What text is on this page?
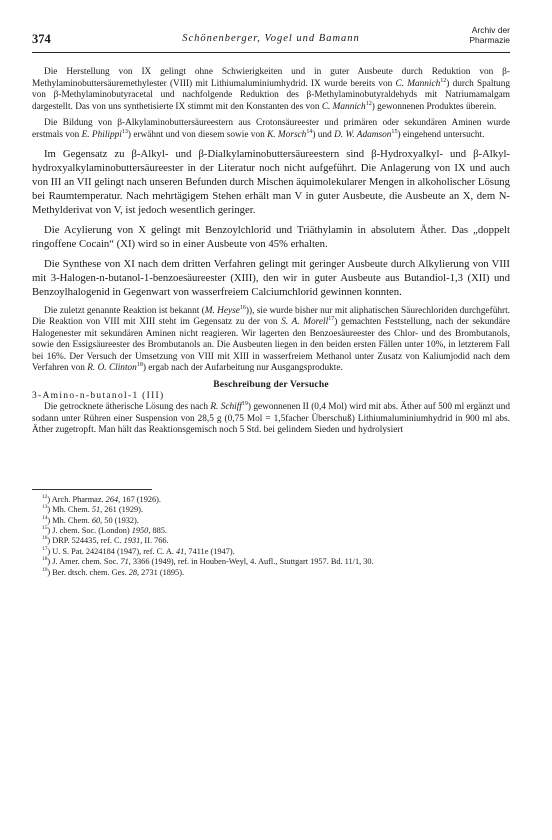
374	Schönenberger, Vogel und Bamann
Archiv der
Pharmazie

Die Herstellung von IX gelingt ohne Schwierigkeiten und in guter Ausbeute durch Reduktion von β-Methylaminobuttersäuremethylester (VIII) mit Lithiumaluminiumhydrid. IX wurde bereits von C. Mannich$^{12}$) durch Spaltung von β-Methylaminobutyracetal und nachfolgende Reduktion des β-Methylaminobutyraldehyds mit Natriumamalgam dargestellt. Das von uns synthetisierte IX stimmt mit den Konstanten des von C. Mannich$^{12}$) gewonnenen Produktes überein.

Die Bildung von β-Alkylaminobuttersäureestern aus Crotonsäureester und primären oder sekundären Aminen wurde erstmals von E. Philippi$^{13}$) erwähnt und von diesem sowie von K. Morsch$^{14}$) und D. W. Adamson$^{15}$) eingehend untersucht.

Im Gegensatz zu β-Alkyl- und β-Dialkylaminobuttersäureestern sind β-Hydroxyalkyl- und β-Alkyl-hydroxyalkylaminobuttersäureester in der Literatur noch nicht aufgeführt. Die Anlagerung von IX und auch von III an VII gelingt nach unseren Befunden durch Mischen äquimolekularer Mengen in alkoholischer Lösung bei Raumtemperatur. Nach mehrtägigem Stehen erhält man V in guter Ausbeute, die Ausbeute an X, dem N-Methylderivat von V, ist jedoch wesentlich geringer.

Die Acylierung von X gelingt mit Benzoylchlorid und Triäthylamin in absolutem Äther. Das „doppelt ringoffene Cocain“ (XI) wird so in einer Ausbeute von 45% erhalten.

Die Synthese von XI nach dem dritten Verfahren gelingt mit geringer Ausbeute durch Alkylierung von VIII mit 3-Halogen-n-butanol-1-benzoesäureester (XIII), den wir in guter Ausbeute aus Butandiol-1,3 (XII) und Benzoylhalogenid in Gegenwart von wasserfreiem Calciumchlorid gewinnen konnten.

Die zuletzt genannte Reaktion ist bekannt (M. Heyse$^{16}$)), sie wurde bisher nur mit aliphatischen Säurechloriden durchgeführt. Die Reaktion von VIII mit XIII steht im Gegensatz zu der von S. A. Morell$^{17}$) gemachten Feststellung, nach der sekundäre Halogenester mit sekundären Aminen nicht reagieren. Wir lagerten den Benzoesäureester des Chlor- und des Brombutanols, sowie den Essigsäureester des Brombutanols an. Die Ausbeuten liegen in den beiden ersten Fällen unter 10%, in letzterem Fall bei 16%. Der Versuch der Umsetzung von VIII mit XIII in wasserfreiem Methanol unter Zusatz von Kaliumjodid nach dem Verfahren von R. O. Clinton$^{18}$) ergab nach der Aufarbeitung nur Ausgangsprodukte.

Beschreibung der Versuche
3-Amino-n-butanol-1 (III)

Die getrocknete ätherische Lösung des nach R. Schiff$^{19}$) gewonnenen II (0,4 Mol) wird mit abs. Äther auf 500 ml ergänzt und sodann unter Rühren einer Suspension von 28,5 g (0,75 Mol = 1,5facher Überschuß) Lithiumaluminiumhydrid in 900 ml abs. Äther zugetropft. Man hält das Reaktionsgemisch noch 5 Std. bei gelindem Sieden und hydrolysiert

$^{12}$) Arch. Pharmaz. 264, 167 (1926).
$^{13}$) Mh. Chem. 51, 261 (1929).
$^{14}$) Mh. Chem. 60, 50 (1932).
$^{15}$) J. chem. Soc. (London) 1950, 885.
$^{16}$) DRP. 524435, ref. C. 1931, II. 766.
$^{17}$) U. S. Pat. 2424184 (1947), ref. C. A. 41, 7411e (1947).
$^{18}$) J. Amer. chem. Soc. 71, 3366 (1949), ref. in Houben-Weyl, 4. Aufl., Stuttgart 1957. Bd. 11/1, 30.
$^{19}$) Ber. dtsch. chem. Ges. 28, 2731 (1895).
